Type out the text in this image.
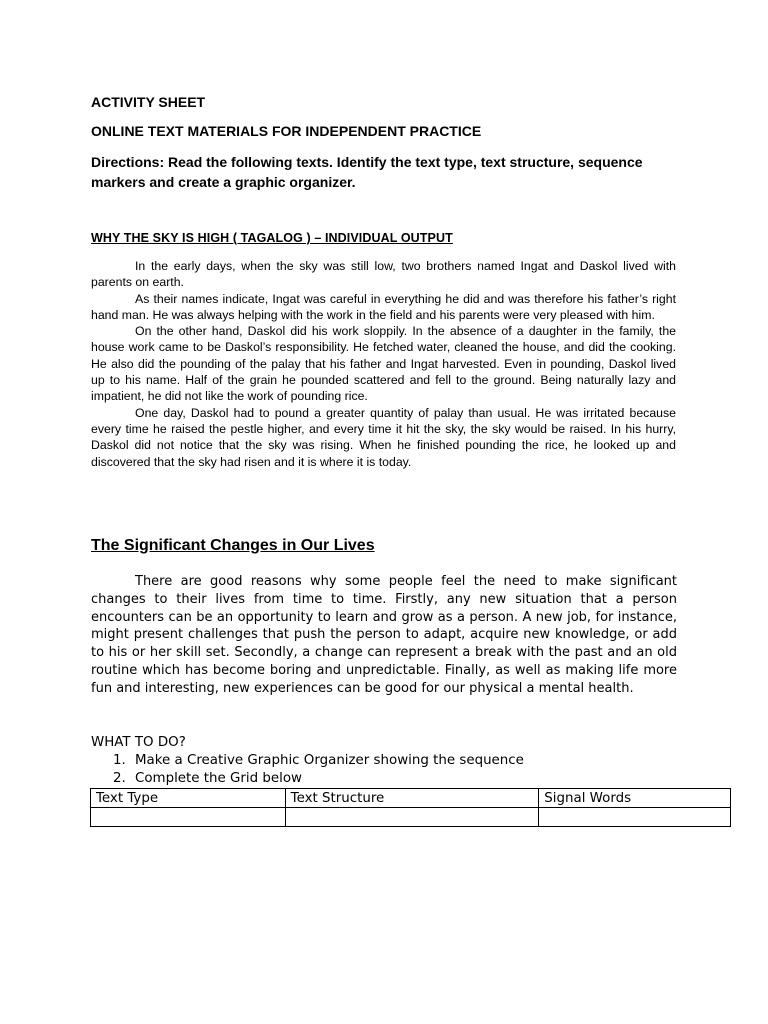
ACTIVITY SHEET
ONLINE TEXT MATERIALS FOR INDEPENDENT PRACTICE
Directions: Read the following texts. Identify the text type, text structure, sequence markers and create a graphic organizer.
WHY THE SKY IS HIGH ( TAGALOG ) – INDIVIDUAL OUTPUT

In the early days, when the sky was still low, two brothers named Ingat and Daskol lived with parents on earth.

As their names indicate, Ingat was careful in everything he did and was therefore his father’s right hand man. He was always helping with the work in the field and his parents were very pleased with him.

On the other hand, Daskol did his work sloppily. In the absence of a daughter in the family, the house work came to be Daskol’s responsibility. He fetched water, cleaned the house, and did the cooking. He also did the pounding of the palay that his father and Ingat harvested. Even in pounding, Daskol lived up to his name. Half of the grain he pounded scattered and fell to the ground. Being naturally lazy and impatient, he did not like the work of pounding rice.

One day, Daskol had to pound a greater quantity of palay than usual. He was irritated because every time he raised the pestle higher, and every time it hit the sky, the sky would be raised. In his hurry, Daskol did not notice that the sky was rising. When he finished pounding the rice, he looked up and discovered that the sky had risen and it is where it is today.

The Significant Changes in Our Lives

There are good reasons why some people feel the need to make significant changes to their lives from time to time. Firstly, any new situation that a person encounters can be an opportunity to learn and grow as a person. A new job, for instance, might present challenges that push the person to adapt, acquire new knowledge, or add to his or her skill set. Secondly, a change can represent a break with the past and an old routine which has become boring and unpredictable. Finally, as well as making life more fun and interesting, new experiences can be good for our physical a mental health.

WHAT TO DO?
1. Make a Creative Graphic Organizer showing the sequence
2. Complete the Grid below
Text Type	Text Structure	Signal Words
